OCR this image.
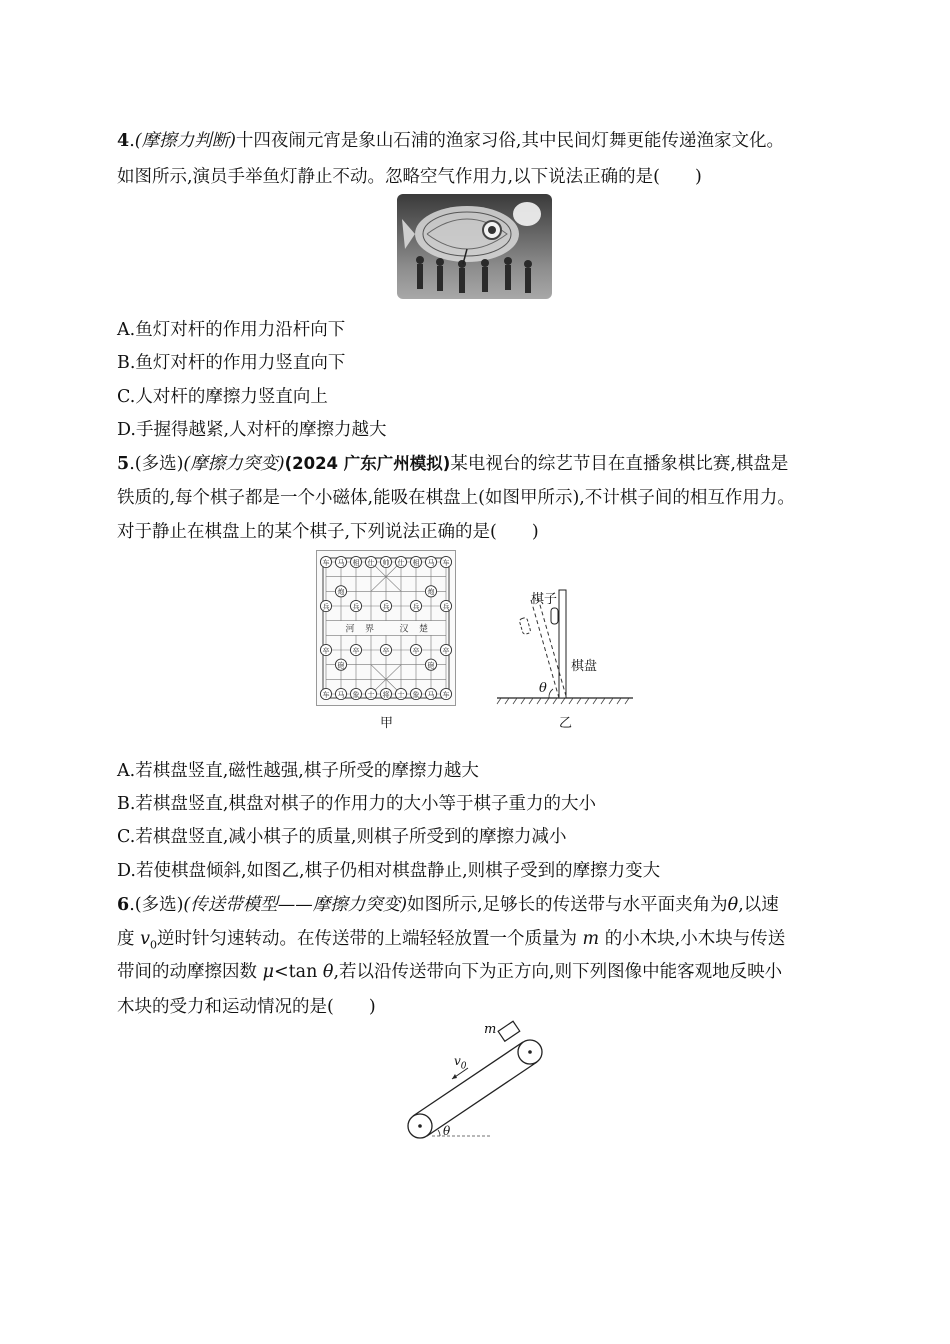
4.(摩擦力判断)十四夜闹元宵是象山石浦的渔家习俗,其中民间灯舞更能传递渔家文化。
如图所示,演员手举鱼灯静止不动。忽略空气作用力,以下说法正确的是(　　)
A.鱼灯对杆的作用力沿杆向下
B.鱼灯对杆的作用力竖直向下
C.人对杆的摩擦力竖直向上
D.手握得越紧,人对杆的摩擦力越大
5.(多选)(摩擦力突变)(2024 广东广州模拟)某电视台的综艺节目在直播象棋比赛,棋盘是
铁质的,每个棋子都是一个小磁体,能吸在棋盘上(如图甲所示),不计棋子间的相互作用力。
对于静止在棋盘上的某个棋子,下列说法正确的是(　　)
车 马 相 仕 帅 仕 相 马 车
车 马 象 士 将 士 象 马 车
炮	炮
砲	砲
兵
卒
兵
卒
兵
卒
兵
卒
兵
卒
河 界	汉 楚
甲
棋子
棋盘
θ
乙
A.若棋盘竖直,磁性越强,棋子所受的摩擦力越大
B.若棋盘竖直,棋盘对棋子的作用力的大小等于棋子重力的大小
C.若棋盘竖直,减小棋子的质量,则棋子所受到的摩擦力减小
D.若使棋盘倾斜,如图乙,棋子仍相对棋盘静止,则棋子受到的摩擦力变大
6.(多选)(传送带模型——摩擦力突变)如图所示,足够长的传送带与水平面夹角为θ,以速
度 $v_0$逆时针匀速转动。在传送带的上端轻轻放置一个质量为 m 的小木块,小木块与传送
带间的动摩擦因数 μ<tan θ,若以沿传送带向下为正方向,则下列图像中能客观地反映小
木块的受力和运动情况的是(　　)
m
$v_0$
θ
